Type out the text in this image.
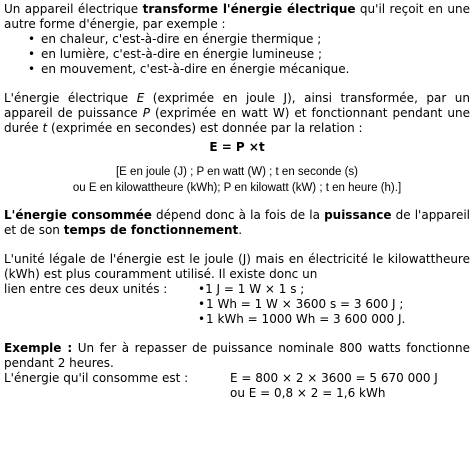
Un appareil électrique transforme l'énergie électrique qu'il reçoit en une autre forme d'énergie, par exemple :

• en chaleur, c'est-à-dire en énergie thermique ;
• en lumière, c'est-à-dire en énergie lumineuse ;
• en mouvement, c'est-à-dire en énergie mécanique.

L'énergie électrique E (exprimée en joule J), ainsi transformée, par un appareil de puissance P (exprimée en watt W) et fonctionnant pendant une durée t (exprimée en secondes) est donnée par la relation :

E = P ×t

[E en joule (J) ; P en watt (W) ; t en seconde (s)
ou E en kilowattheure (kWh); P en kilowatt (kW) ; t en heure (h).]

L'énergie consommée dépend donc à la fois de la puissance de l'appareil et de son temps de fonctionnement.

L'unité légale de l'énergie est le joule (J) mais en électricité le kilowattheure (kWh) est plus couramment utilisé. Il existe donc un

lien entre ces deux unités :	•1 J = 1 W × 1 s ;
•1 Wh = 1 W × 3600 s = 3 600 J ;
•1 kWh = 1000 Wh = 3 600 000 J.

Exemple : Un fer à repasser de puissance nominale 800 watts fonctionne pendant 2 heures.

L'énergie qu'il consomme est :	E = 800 × 2 × 3600 = 5 670 000 J
ou E = 0,8 × 2 = 1,6 kWh
